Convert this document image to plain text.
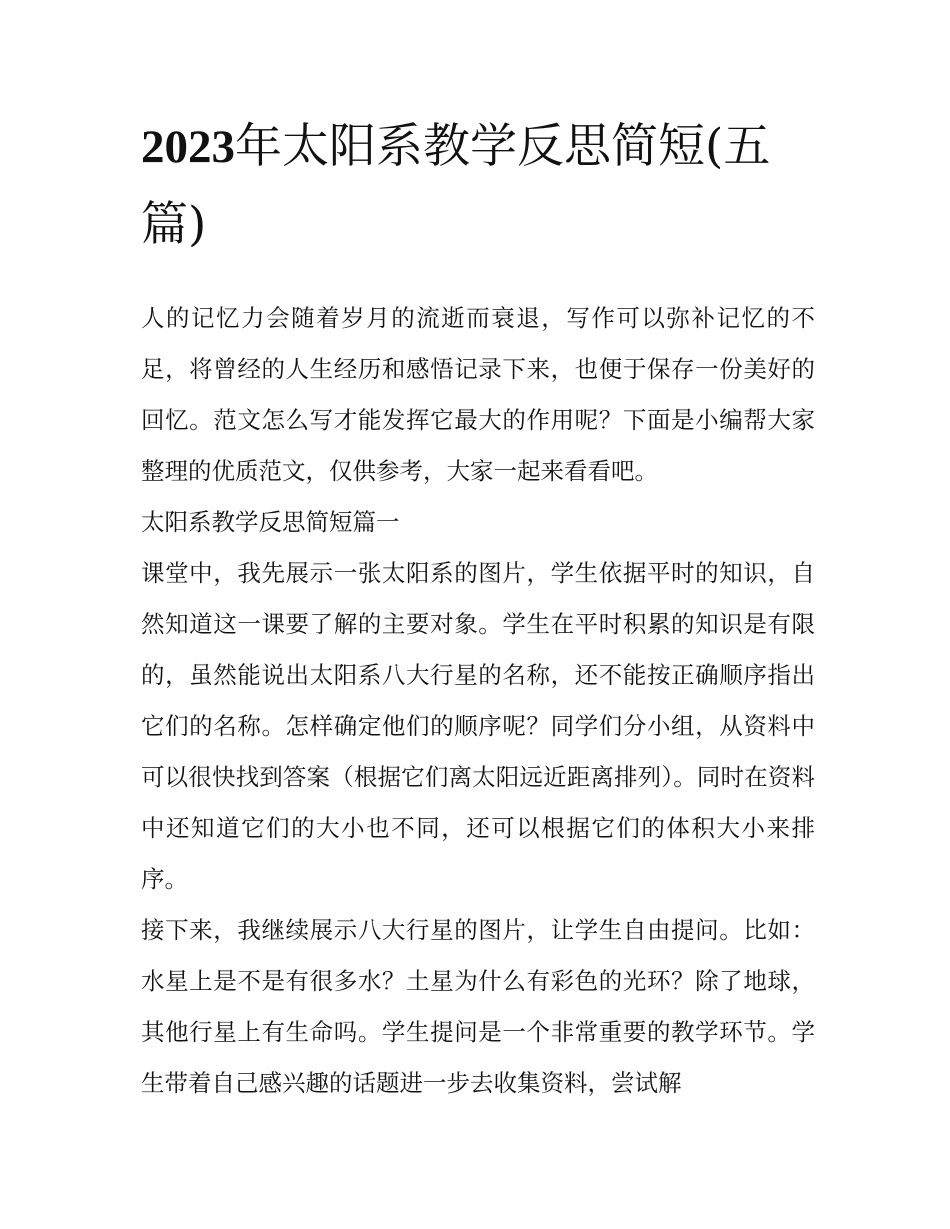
2023年太阳系教学反思简短(五篇)

人的记忆力会随着岁月的流逝而衰退，写作可以弥补记忆的不足，将曾经的人生经历和感悟记录下来，也便于保存一份美好的回忆。范文怎么写才能发挥它最大的作用呢？下面是小编帮大家整理的优质范文，仅供参考，大家一起来看看吧。

太阳系教学反思简短篇一

课堂中，我先展示一张太阳系的图片，学生依据平时的知识，自然知道这一课要了解的主要对象。学生在平时积累的知识是有限的，虽然能说出太阳系八大行星的名称，还不能按正确顺序指出它们的名称。怎样确定他们的顺序呢？同学们分小组，从资料中可以很快找到答案（根据它们离太阳远近距离排列）。同时在资料中还知道它们的大小也不同，还可以根据它们的体积大小来排序。

接下来，我继续展示八大行星的图片，让学生自由提问。比如：水星上是不是有很多水？土星为什么有彩色的光环？除了地球，其他行星上有生命吗。学生提问是一个非常重要的教学环节。学生带着自己感兴趣的话题进一步去收集资料，尝试解
